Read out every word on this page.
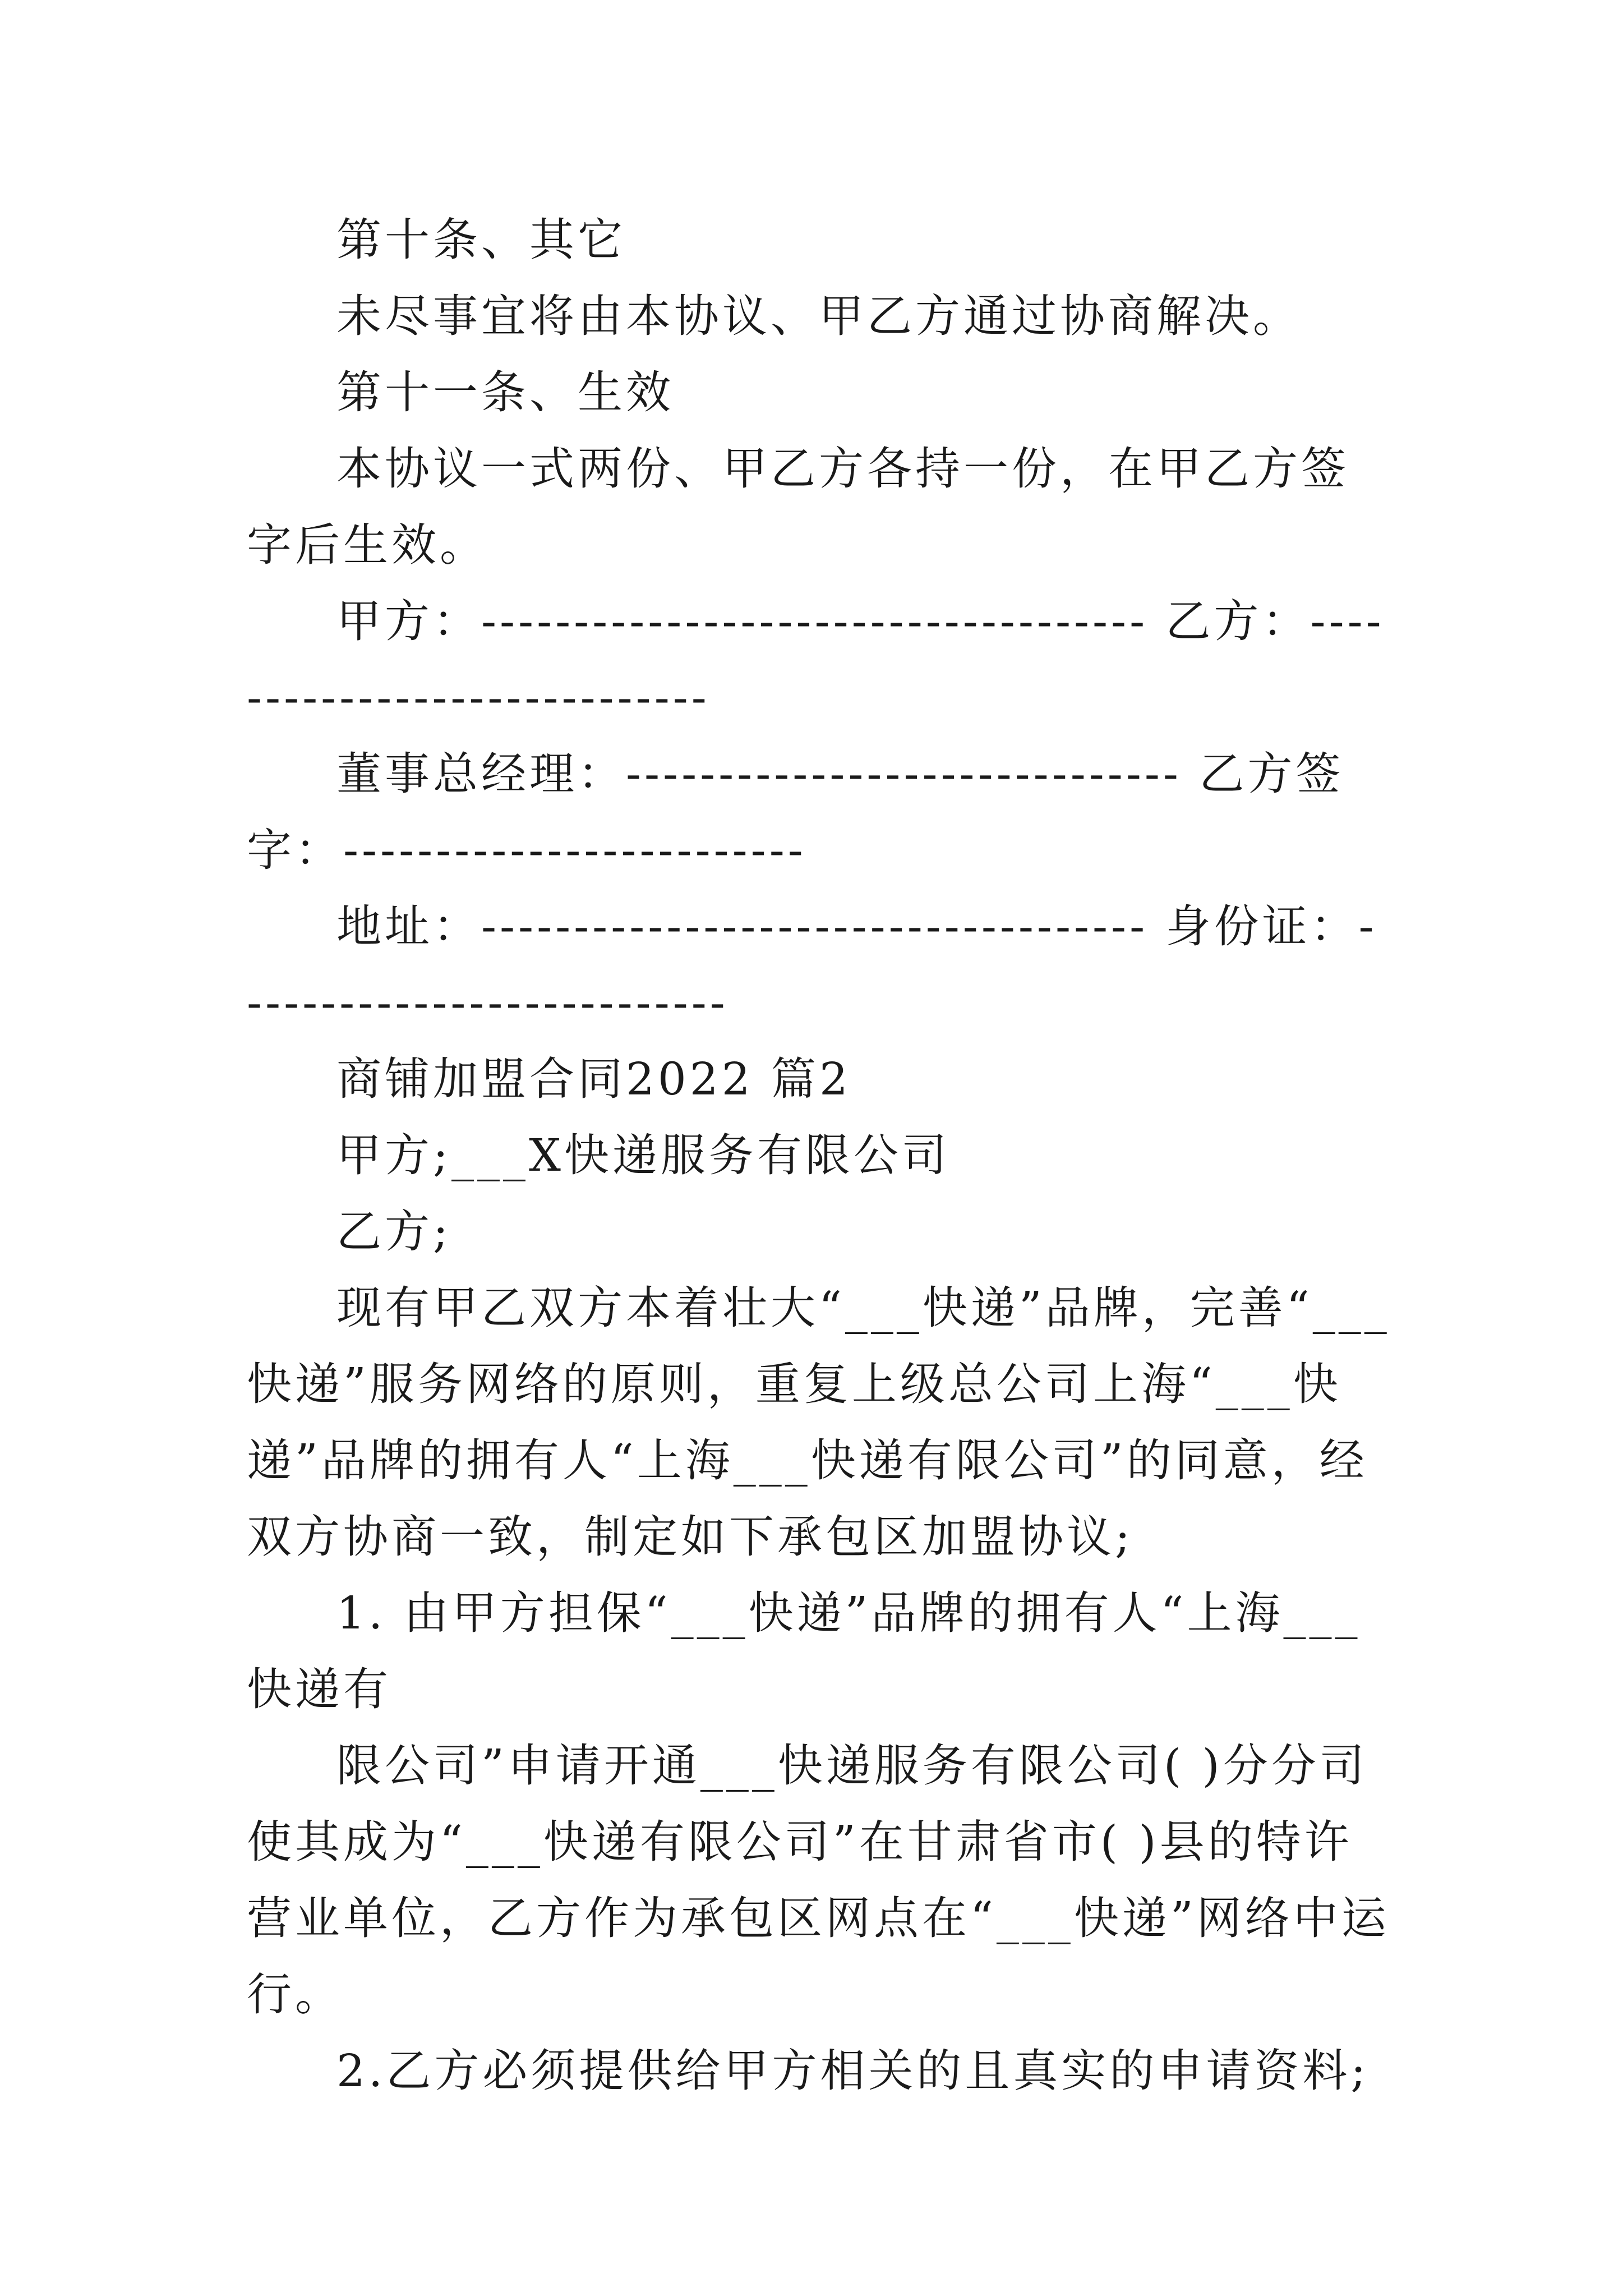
第十条、其它

未尽事宜将由本协议、甲乙方通过协商解决。

第十一条、生效

本协议一式两份、甲乙方各持一份，在甲乙方签字后生效。

甲方：------------------------------------ 乙方：-----------------------------

董事总经理：------------------------------ 乙方签字：-------------------------

地址：------------------------------------ 身份证：---------------------------

商铺加盟合同2022 篇2

甲方;___X快递服务有限公司

乙方;

现有甲乙双方本着壮大“___快递”品牌，完善“___快递”服务网络的原则，重复上级总公司上海“___快递”品牌的拥有人“上海___快递有限公司”的同意，经双方协商一致，制定如下承包区加盟协议;

1. 由甲方担保“___快递”品牌的拥有人“上海___快递有

限公司”申请开通___快递服务有限公司( )分分司使其成为“___快递有限公司”在甘肃省市( )县的特许营业单位，乙方作为承包区网点在“___快递”网络中运行。

2.乙方必须提供给甲方相关的且真实的申请资料;
